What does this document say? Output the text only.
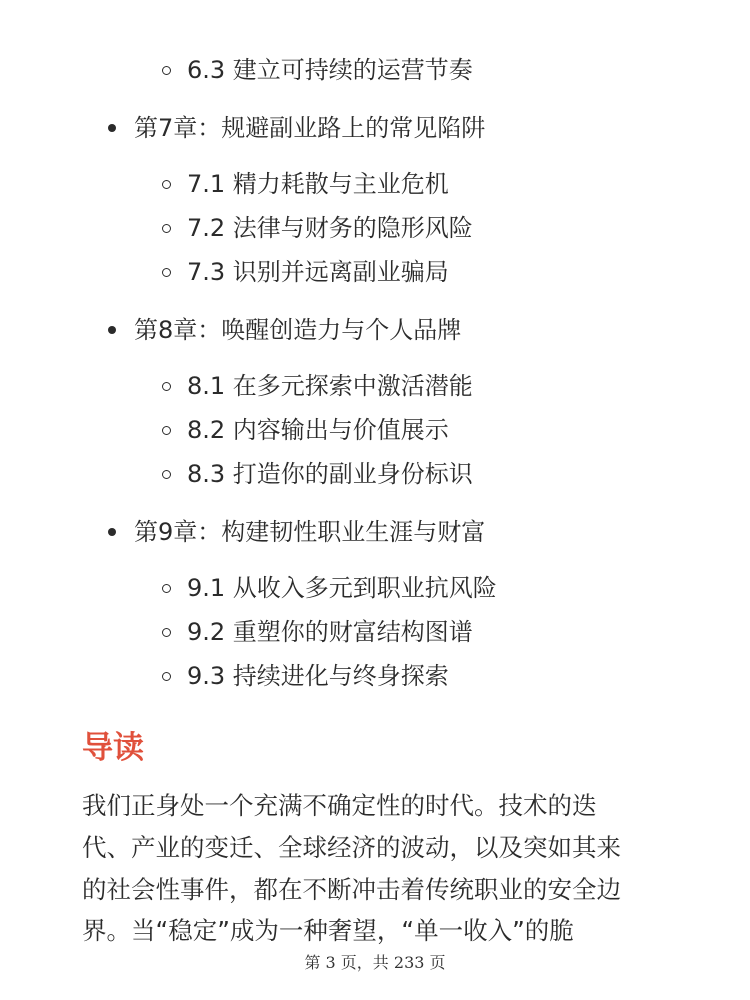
6.3 建立可持续的运营节奏
第7章：规避副业路上的常见陷阱
7.1 精力耗散与主业危机
7.2 法律与财务的隐形风险
7.3 识别并远离副业骗局
第8章：唤醒创造力与个人品牌
8.1 在多元探索中激活潜能
8.2 内容输出与价值展示
8.3 打造你的副业身份标识
第9章：构建韧性职业生涯与财富
9.1 从收入多元到职业抗风险
9.2 重塑你的财富结构图谱
9.3 持续进化与终身探索
导读
我们正身处一个充满不确定性的时代。技术的迭
代、产业的变迁、全球经济的波动，以及突如其来
的社会性事件，都在不断冲击着传统职业的安全边
界。当“稳定”成为一种奢望，“单一收入”的脆
第 3 页，共 233 页
